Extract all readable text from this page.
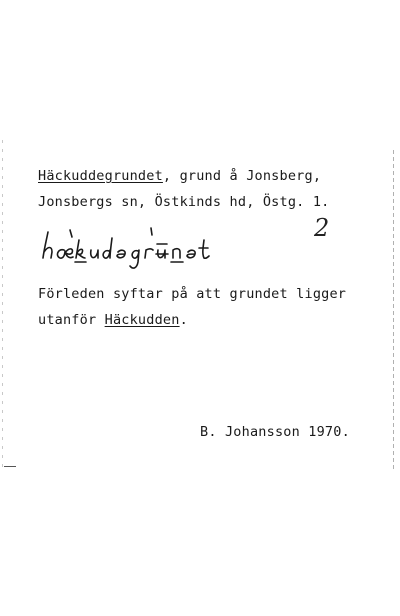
Häckuddegrundet, grund å Jonsberg,
Jonsbergs sn, Östkinds hd, Östg. 1.
2
Förleden syftar på att grundet ligger
utanför Häckudden.
B. Johansson 1970.
